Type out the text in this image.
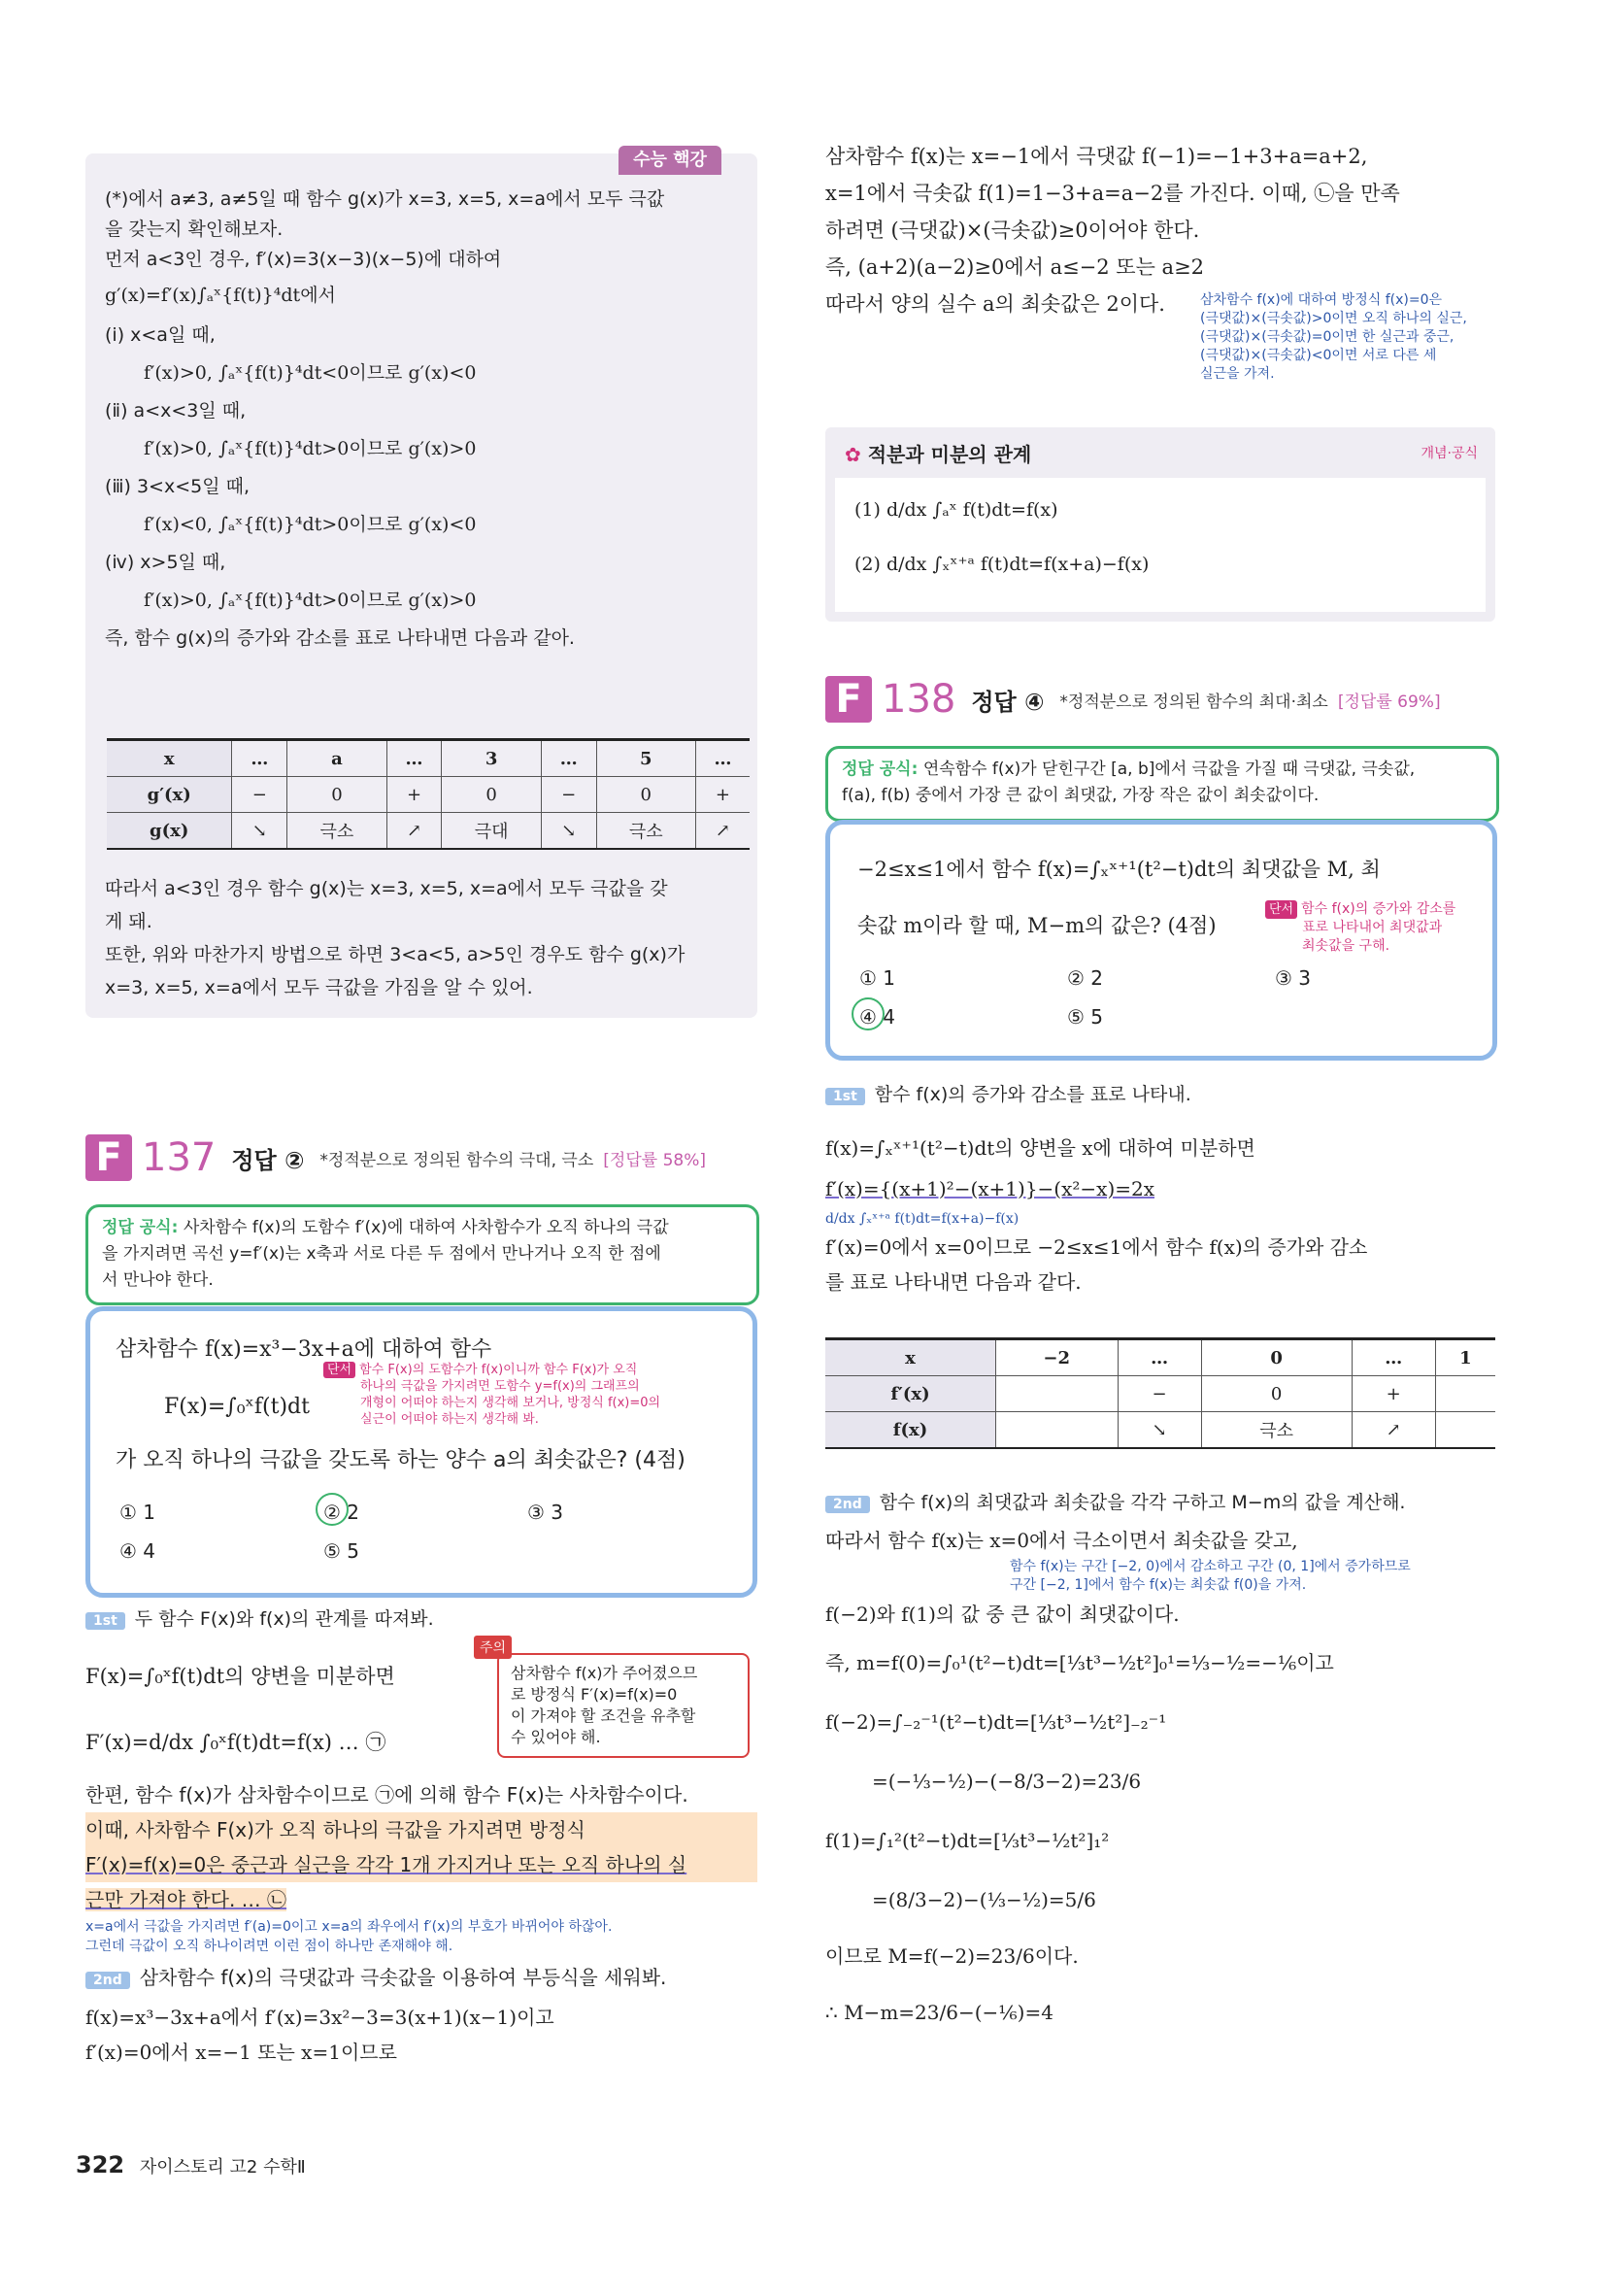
수능 핵강
(*)에서 a≠3, a≠5일 때 함수 g(x)가 x=3, x=5, x=a에서 모두 극값
을 갖는지 확인해보자.
먼저 a<3인 경우, f′(x)=3(x−3)(x−5)에 대하여
g′(x)=f′(x)∫ₐˣ{f(t)}⁴dt에서
(ⅰ) x<a일 때,
f′(x)>0, ∫ₐˣ{f(t)}⁴dt<0이므로 g′(x)<0
(ⅱ) a<x<3일 때,
f′(x)>0, ∫ₐˣ{f(t)}⁴dt>0이므로 g′(x)>0
(ⅲ) 3<x<5일 때,
f′(x)<0, ∫ₐˣ{f(t)}⁴dt>0이므로 g′(x)<0
(ⅳ) x>5일 때,
f′(x)>0, ∫ₐˣ{f(t)}⁴dt>0이므로 g′(x)>0
즉, 함수 g(x)의 증가와 감소를 표로 나타내면 다음과 같아.
x	…	a	…	3	…	5	…
g′(x)	−	0	+	0	−	0	+
g(x)	↘	극소	↗	극대	↘	극소	↗
따라서 a<3인 경우 함수 g(x)는 x=3, x=5, x=a에서 모두 극값을 갖
게 돼.
또한, 위와 마찬가지 방법으로 하면 3<a<5, a>5인 경우도 함수 g(x)가
x=3, x=5, x=a에서 모두 극값을 가짐을 알 수 있어.
F 137 정답 ② *정적분으로 정의된 함수의 극대, 극소 [정답률 58%]
정답 공식: 사차함수 f(x)의 도함수 f′(x)에 대하여 사차함수가 오직 하나의 극값
을 가지려면 곡선 y=f′(x)는 x축과 서로 다른 두 점에서 만나거나 오직 한 점에
서 만나야 한다.
삼차함수 f(x)=x³−3x+a에 대하여 함수
F(x)=∫₀ˣf(t)dt
단서 함수 F(x)의 도함수가 f(x)이니까 함수 F(x)가 오직
하나의 극값을 가지려면 도함수 y=f(x)의 그래프의
개형이 어떠야 하는지 생각해 보거나, 방정식 f(x)=0의
실근이 어떠야 하는지 생각해 봐.
가 오직 하나의 극값을 갖도록 하는 양수 a의 최솟값은? (4점)
① 1	② 2	③ 3
④ 4	⑤ 5
1st 두 함수 F(x)와 f(x)의 관계를 따져봐.
F(x)=∫₀ˣf(t)dt의 양변을 미분하면
F′(x)=d/dx ∫₀ˣf(t)dt=f(x) … ㉠
삼차함수 f(x)가 주어졌으므
로 방정식 F′(x)=f(x)=0
이 가져야 할 조건을 유추할
수 있어야 해.
주의
한편, 함수 f(x)가 삼차함수이므로 ㉠에 의해 함수 F(x)는 사차함수이다.
이때, 사차함수 F(x)가 오직 하나의 극값을 가지려면 방정식
F′(x)=f(x)=0은 중근과 실근을 각각 1개 가지거나 또는 오직 하나의 실
근만 가져야 한다. … ㉡
x=a에서 극값을 가지려면 f′(a)=0이고 x=a의 좌우에서 f′(x)의 부호가 바뀌어야 하잖아.
그런데 극값이 오직 하나이려면 이런 점이 하나만 존재해야 해.
2nd 삼차함수 f(x)의 극댓값과 극솟값을 이용하여 부등식을 세워봐.
f(x)=x³−3x+a에서 f′(x)=3x²−3=3(x+1)(x−1)이고
f′(x)=0에서 x=−1 또는 x=1이므로
삼차함수 f(x)는 x=−1에서 극댓값 f(−1)=−1+3+a=a+2,
x=1에서 극솟값 f(1)=1−3+a=a−2를 가진다. 이때, ㉡을 만족
하려면 (극댓값)×(극솟값)≥0이어야 한다.
즉, (a+2)(a−2)≥0에서 a≤−2 또는 a≥2
따라서 양의 실수 a의 최솟값은 2이다.	삼차함수 f(x)에 대하여 방정식 f(x)=0은
(극댓값)×(극솟값)>0이면 오직 하나의 실근,
(극댓값)×(극솟값)=0이면 한 실근과 중근,
(극댓값)×(극솟값)<0이면 서로 다른 세
실근을 가져.
✿ 적분과 미분의 관계	개념·공식
(1) d/dx ∫ₐˣ f(t)dt=f(x)
(2) d/dx ∫ₓˣ⁺ᵃ f(t)dt=f(x+a)−f(x)
F 138 정답 ④ *정적분으로 정의된 함수의 최대·최소 [정답률 69%]
정답 공식: 연속함수 f(x)가 닫힌구간 [a, b]에서 극값을 가질 때 극댓값, 극솟값,
f(a), f(b) 중에서 가장 큰 값이 최댓값, 가장 작은 값이 최솟값이다.
−2≤x≤1에서 함수 f(x)=∫ₓˣ⁺¹(t²−t)dt의 최댓값을 M, 최
솟값 m이라 할 때, M−m의 값은? (4점)
단서 함수 f(x)의 증가와 감소를
표로 나타내어 최댓값과
최솟값을 구해.
① 1	② 2	③ 3
④ 4	⑤ 5
1st 함수 f(x)의 증가와 감소를 표로 나타내.
f(x)=∫ₓˣ⁺¹(t²−t)dt의 양변을 x에 대하여 미분하면
f′(x)={(x+1)²−(x+1)}−(x²−x)=2x
d/dx ∫ₓˣ⁺ᵃ f(t)dt=f(x+a)−f(x)
f′(x)=0에서 x=0이므로 −2≤x≤1에서 함수 f(x)의 증가와 감소
를 표로 나타내면 다음과 같다.
x	−2	…	0	…	1
f′(x)		−	0	+	
f(x)		↘	극소	↗	
2nd 함수 f(x)의 최댓값과 최솟값을 각각 구하고 M−m의 값을 계산해.
따라서 함수 f(x)는 x=0에서 극소이면서 최솟값을 갖고,
함수 f(x)는 구간 [−2, 0)에서 감소하고 구간 (0, 1]에서 증가하므로
구간 [−2, 1]에서 함수 f(x)는 최솟값 f(0)을 가져.
f(−2)와 f(1)의 값 중 큰 값이 최댓값이다.
즉, m=f(0)=∫₀¹(t²−t)dt=[⅓t³−½t²]₀¹=⅓−½=−⅙이고
f(−2)=∫₋₂⁻¹(t²−t)dt=[⅓t³−½t²]₋₂⁻¹
=(−⅓−½)−(−8/3−2)=23/6
f(1)=∫₁²(t²−t)dt=[⅓t³−½t²]₁²
=(8/3−2)−(⅓−½)=5/6
이므로 M=f(−2)=23/6이다.
∴ M−m=23/6−(−⅙)=4
322 자이스토리 고2 수학Ⅱ
